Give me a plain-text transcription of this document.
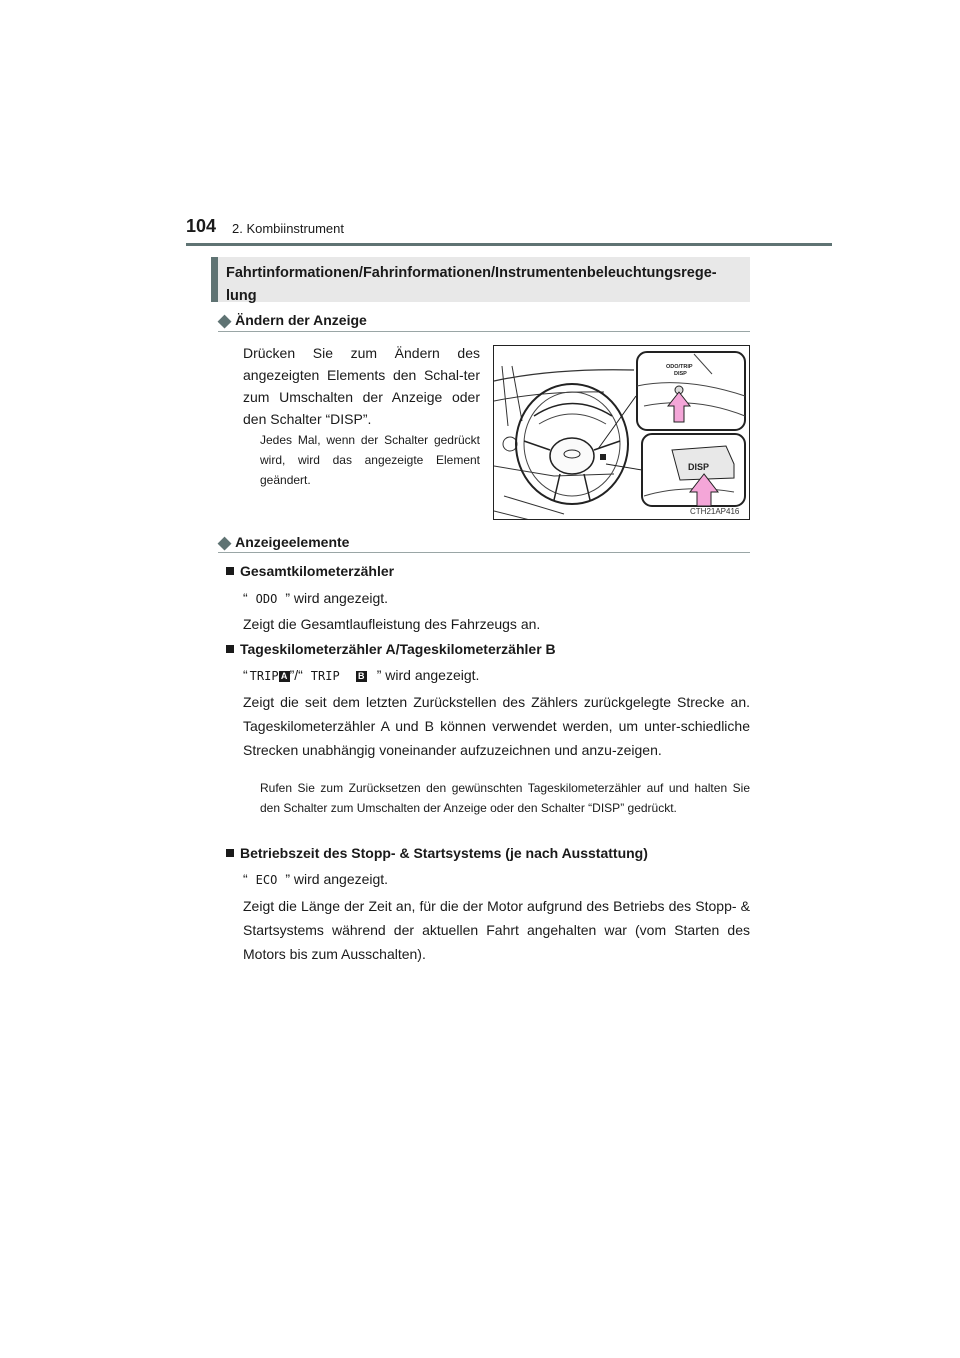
104 2. Kombiinstrument
Fahrtinformationen/Fahrinformationen/Instrumentenbeleuchtungsrege-lung
◆ Ändern der Anzeige
Drücken Sie zum Ändern des angezeigten Elements den Schal-ter zum Umschalten der Anzeige oder den Schalter “DISP”.
Jedes Mal, wenn der Schalter gedrückt wird, wird das angezeigte Element geändert.
ODO/TRIP
DISP
DISP
CTH21AP416
◆ Anzeigeelemente
Gesamtkilometerzähler
“ ODO ” wird angezeigt.
Zeigt die Gesamtlaufleistung des Fahrzeugs an.
Tageskilometerzähler A/Tageskilometerzähler B
“ TRIP A ”/“ TRIP B ” wird angezeigt.
Zeigt die seit dem letzten Zurückstellen des Zählers zurückgelegte Strecke an. Tageskilometerzähler A und B können verwendet werden, um unter-schiedliche Strecken unabhängig voneinander aufzuzeichnen und anzu-zeigen.
Rufen Sie zum Zurücksetzen den gewünschten Tageskilometerzähler auf und halten Sie den Schalter zum Umschalten der Anzeige oder den Schalter “DISP” gedrückt.
Betriebszeit des Stopp- & Startsystems (je nach Ausstattung)
“ ECO ” wird angezeigt.
Zeigt die Länge der Zeit an, für die der Motor aufgrund des Betriebs des Stopp- & Startsystems während der aktuellen Fahrt angehalten war (vom Starten des Motors bis zum Ausschalten).
